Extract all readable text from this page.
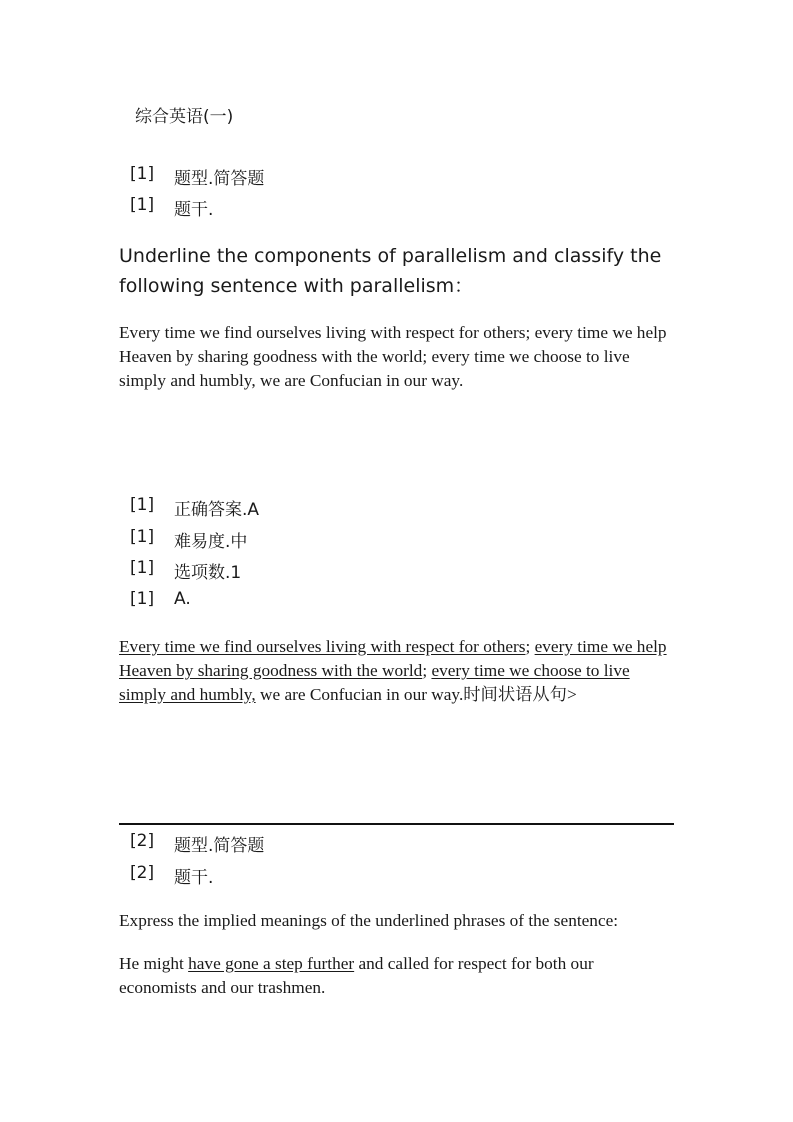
综合英语(一)
[1]	题型.简答题
[1]	题干.
Underline the components of parallelism and classify the following sentence with parallelism：
Every time we find ourselves living with respect for others; every time we help Heaven by sharing goodness with the world; every time we choose to live simply and humbly, we are Confucian in our way.
[1]	正确答案.A
[1]	难易度.中
[1]	选项数.1
[1]	A.
Every time we find ourselves living with respect for others; every time we help Heaven by sharing goodness with the world; every time we choose to live simply and humbly, we are Confucian in our way.时间状语从句>
[2]	题型.简答题
[2]	题干.
Express the implied meanings of the underlined phrases of the sentence:
He might have gone a step further and called for respect for both our economists and our trashmen.
